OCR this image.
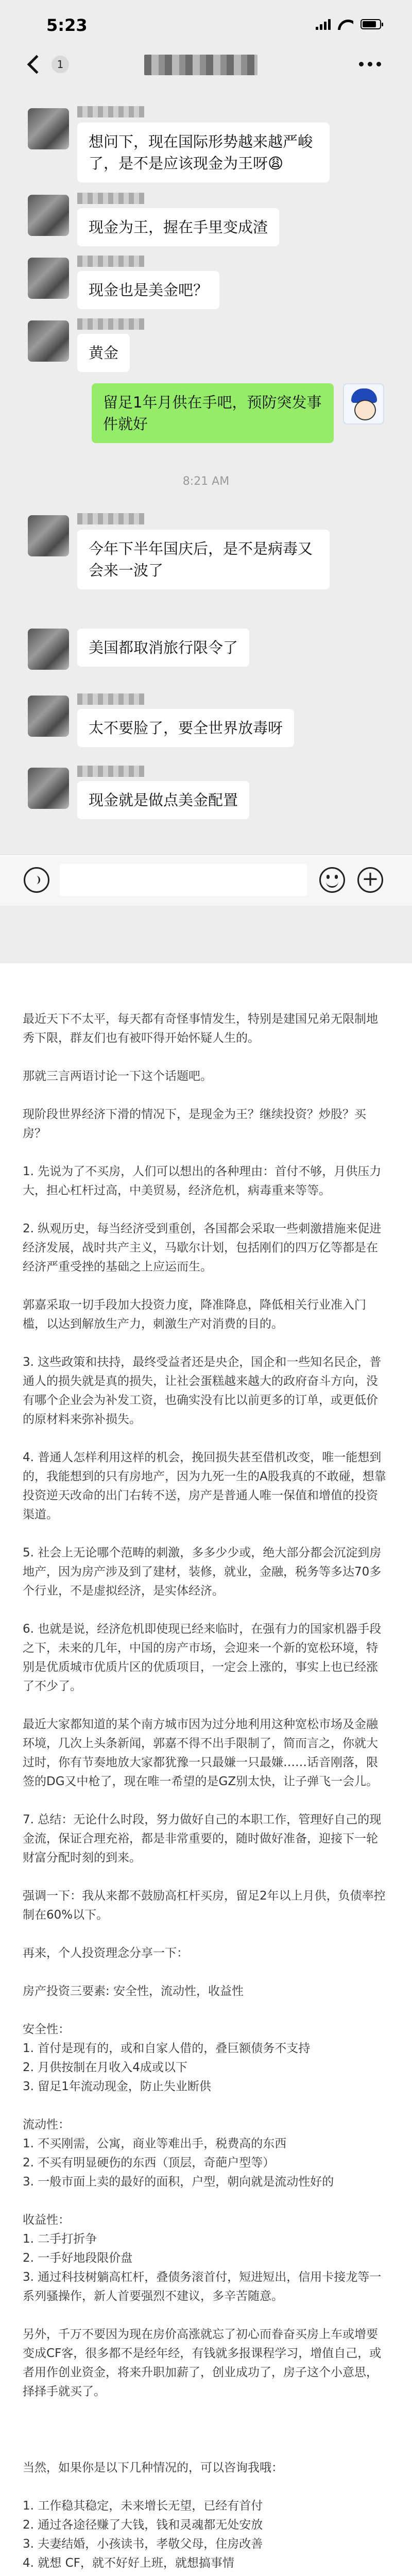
5:23
1
想问下，现在国际形势越来越严峻
了，是不是应该现金为王呀😩
现金为王，握在手里变成渣
现金也是美金吧？
黄金
留足1年月供在手吧，预防突发事
件就好
8:21 AM
今年下半年国庆后，是不是病毒又
会来一波了
美国都取消旅行限令了
太不要脸了，要全世界放毒呀
现金就是做点美金配置
+

最近天下不太平，每天都有奇怪事情发生，特别是建国兄弟无限制地秀下限，群友们也有被吓得开始怀疑人生的。

那就三言两语讨论一下这个话题吧。

现阶段世界经济下滑的情况下，是现金为王？继续投资？炒股？买房？

1. 先说为了不买房，人们可以想出的各种理由：首付不够，月供压力大，担心杠杆过高，中美贸易，经济危机，病毒重来等等。

2. 纵观历史，每当经济受到重创，各国都会采取一些刺激措施来促进经济发展，战时共产主义，马歇尔计划，包括刚们的四万亿等都是在经济严重受挫的基础之上应运而生。

郭嘉采取一切手段加大投资力度，降准降息，降低相关行业准入门槛，以达到解放生产力，刺激生产对消费的目的。

3. 这些政策和扶持，最终受益者还是央企，国企和一些知名民企，普通人的损失就是真的损失，让社会蛋糕越来越大的政府奋斗方向，没有哪个企业会为补发工资，也确实没有比以前更多的订单，或更低价的原材料来弥补损失。

4. 普通人怎样利用这样的机会，挽回损失甚至借机改变，唯一能想到的，我能想到的只有房地产，因为九死一生的A股我真的不敢碰，想靠投资逆天改命的出门右转不送，房产是普通人唯一保值和增值的投资渠道。

5. 社会上无论哪个范畴的刺激，多多少少或，绝大部分都会沉淀到房地产，因为房产涉及到了建材，装修，就业，金融，税务等多达70多个行业，不是虚拟经济，是实体经济。

6. 也就是说，经济危机即使现已经来临时，在强有力的国家机器手段之下，未来的几年，中国的房产市场，会迎来一个新的宽松环境，特别是优质城市优质片区的优质项目，一定会上涨的，事实上也已经涨了不少了。

最近大家都知道的某个南方城市因为过分地利用这种宽松市场及金融环境，几次上头条新闻，郭嘉不得不出手限制了，简而言之，你就大过时，你有节奏地放大家都犹豫一只最嫌一只最嫌……话音刚落，限签的DG又中枪了，现在唯一希望的是GZ别太快，让子弹飞一会儿。

7. 总结：无论什么时段，努力做好自己的本职工作，管理好自己的现金流，保证合理充裕，都是非常重要的，随时做好准备，迎接下一轮财富分配时刻的到来。

强调一下：我从来都不鼓励高杠杆买房，留足2年以上月供，负债率控制在60%以下。

再来，个人投资理念分享一下：

房产投资三要素: 安全性，流动性，收益性

安全性：
1. 首付是现有的，或和自家人借的，叠巨额债务不支持
2. 月供按制在月收入4成或以下
3. 留足1年流动现金，防止失业断供

流动性：
1. 不买刚需，公寓，商业等难出手，税费高的东西
2. 不买有明显硬伤的东西（顶层，奇葩户型等）
3. 一般市面上卖的最好的面积，户型，朝向就是流动性好的

收益性：
1. 二手打折争
2. 一手好地段限价盘
3. 通过科技树躺高杠杆，叠债务滚首付，短进短出，信用卡接龙等一系列骚操作，新人首要强烈不建议，多辛苦随意。

另外，千万不要因为现在房价高涨就忘了初心而眷奋买房上车或增要变成CF客，很多都不是经年经，有钱就多报课程学习，增值自己，或者用作创业资金，将来升职加薪了，创业成功了，房子这个小意思，择择手就买了。

当然，如果你是以下几种情况的，可以咨询我哦：

1. 工作稳其稳定，未来增长无望，已经有首付
2. 通过各途径赚了大钱，钱和灵魂都无处安放
3. 夫妻结婚，小孩读书，孝敬父母，住房改善
4. 就想 CF，就不好好上班，就想搞事情
